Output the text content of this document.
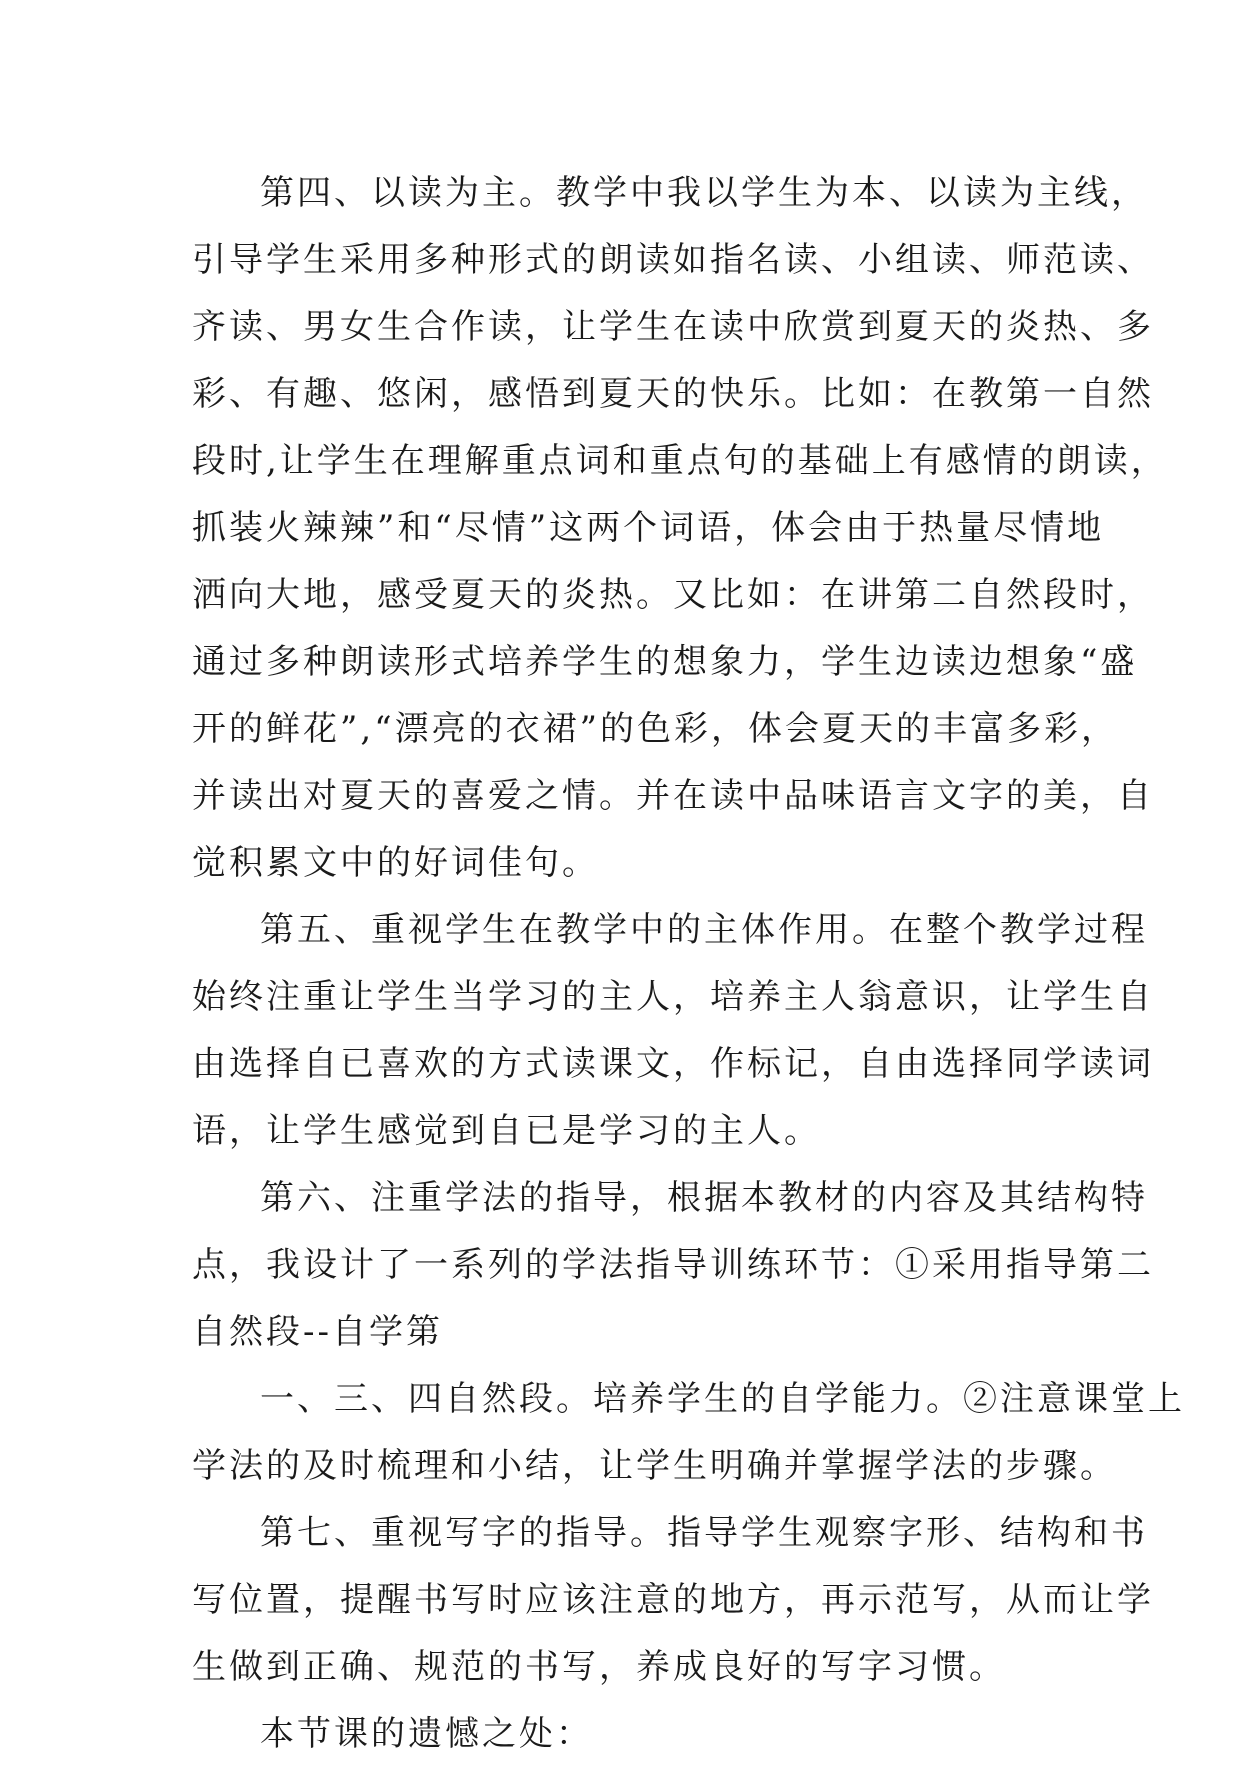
第四、以读为主。教学中我以学生为本、以读为主线，
引导学生采用多种形式的朗读如指名读、小组读、师范读、
齐读、男女生合作读，让学生在读中欣赏到夏天的炎热、多
彩、有趣、悠闲，感悟到夏天的快乐。比如：在教第一自然
段时,让学生在理解重点词和重点句的基础上有感情的朗读，
抓装火辣辣”和“尽情”这两个词语，体会由于热量尽情地
洒向大地，感受夏天的炎热。又比如：在讲第二自然段时，
通过多种朗读形式培养学生的想象力，学生边读边想象“盛
开的鲜花”,“漂亮的衣裙”的色彩，体会夏天的丰富多彩，
并读出对夏天的喜爱之情。并在读中品味语言文字的美，自
觉积累文中的好词佳句。
第五、重视学生在教学中的主体作用。在整个教学过程
始终注重让学生当学习的主人，培养主人翁意识，让学生自
由选择自已喜欢的方式读课文，作标记，自由选择同学读词
语，让学生感觉到自已是学习的主人。
第六、注重学法的指导，根据本教材的内容及其结构特
点，我设计了一系列的学法指导训练环节：①采用指导第二
自然段--自学第
一、三、四自然段。培养学生的自学能力。②注意课堂上
学法的及时梳理和小结，让学生明确并掌握学法的步骤。
第七、重视写字的指导。指导学生观察字形、结构和书
写位置，提醒书写时应该注意的地方，再示范写，从而让学
生做到正确、规范的书写，养成良好的写字习惯。
本节课的遗憾之处：
